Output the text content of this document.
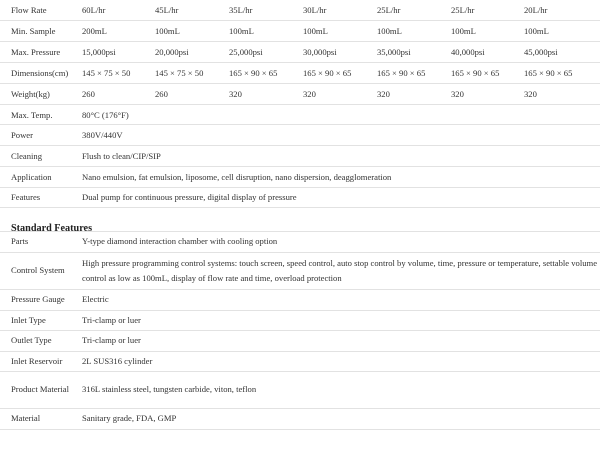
Flow Rate	60L/hr	45L/hr	35L/hr	30L/hr	25L/hr	25L/hr	20L/hr
Min. Sample	200mL	100mL	100mL	100mL	100mL	100mL	100mL
Max. Pressure	15,000psi	20,000psi	25,000psi	30,000psi	35,000psi	40,000psi	45,000psi
Dimensions(cm)	145 × 75 × 50	145 × 75 × 50	165 × 90 × 65	165 × 90 × 65	165 × 90 × 65	165 × 90 × 65	165 × 90 × 65
Weight(kg)	260	260	320	320	320	320	320
Max. Temp.	80°C (176°F)						
Power	380V/440V						
Cleaning	Flush to clean/CIP/SIP						
Application	Nano emulsion, fat emulsion, liposome, cell disruption, nano dispersion, deagglomeration						
Features	Dual pump for continuous pressure, digital display of pressure						
Standard Features
Parts	Y-type diamond interaction chamber with cooling option
Control System	High pressure programming control systems: touch screen, speed control, auto stop control by volume, time, pressure or temperature, settable volume control as low as 100mL, display of flow rate and time, overload protection
Pressure Gauge	Electric
Inlet Type	Tri-clamp or luer
Outlet Type	Tri-clamp or luer
Inlet Reservoir	2L SUS316 cylinder
Product Material	316L stainless steel, tungsten carbide, viton, teflon
Material	Sanitary grade, FDA, GMP
